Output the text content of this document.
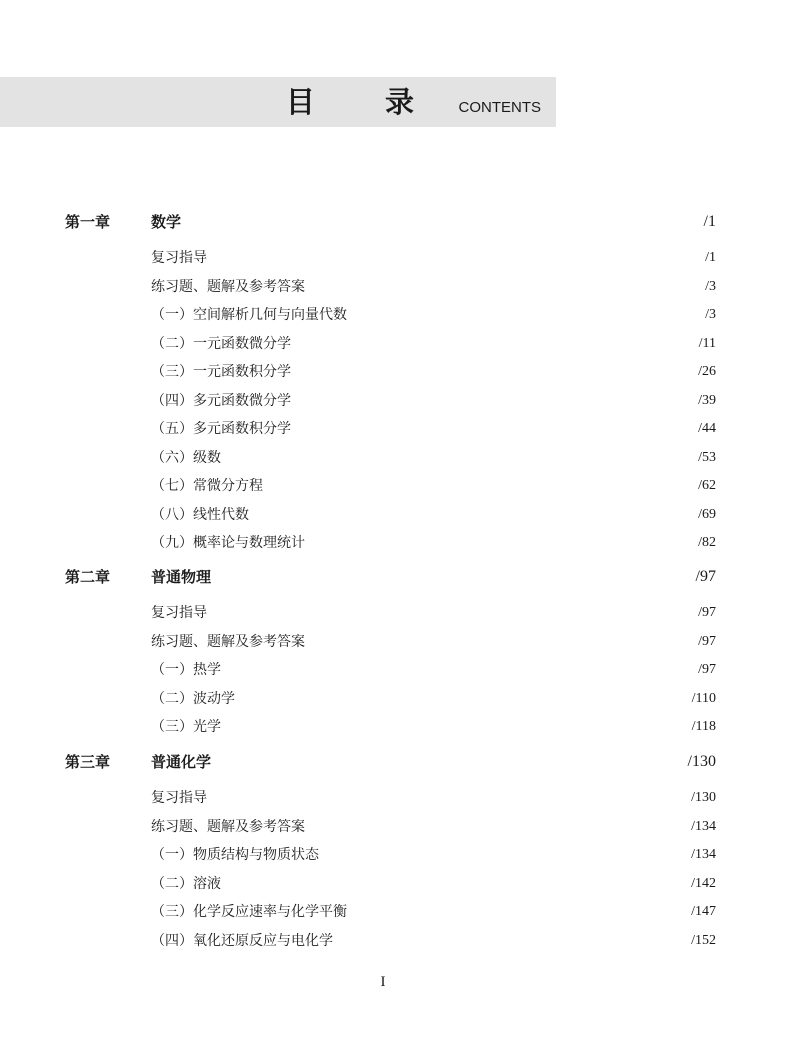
目 录 CONTENTS
第一章	数学	/1
复习指导	/1
练习题、题解及参考答案	/3
（一）空间解析几何与向量代数	/3
（二）一元函数微分学	/11
（三）一元函数积分学	/26
（四）多元函数微分学	/39
（五）多元函数积分学	/44
（六）级数	/53
（七）常微分方程	/62
（八）线性代数	/69
（九）概率论与数理统计	/82
第二章	普通物理	/97
复习指导	/97
练习题、题解及参考答案	/97
（一）热学	/97
（二）波动学	/110
（三）光学	/118
第三章	普通化学	/130
复习指导	/130
练习题、题解及参考答案	/134
（一）物质结构与物质状态	/134
（二）溶液	/142
（三）化学反应速率与化学平衡	/147
（四）氧化还原反应与电化学	/152
I
